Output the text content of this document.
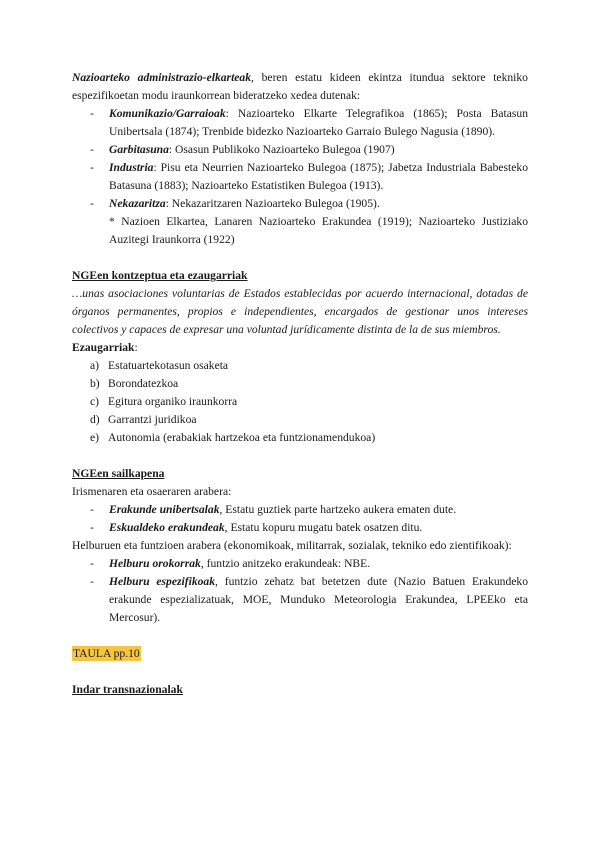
Nazioarteko administrazio-elkarteak, beren estatu kideen ekintza itundua sektore tekniko espezifikoetan modu iraunkorrean bideratzeko xedea dutenak:

- Komunikazio/Garraioak: Nazioarteko Elkarte Telegrafikoa (1865); Posta Batasun Unibertsala (1874); Trenbide bidezko Nazioarteko Garraio Bulego Nagusia (1890).
- Garbitasuna: Osasun Publikoko Nazioarteko Bulegoa (1907)
- Industria: Pisu eta Neurrien Nazioarteko Bulegoa (1875); Jabetza Industriala Babesteko Batasuna (1883); Nazioarteko Estatistiken Bulegoa (1913).
- Nekazaritza: Nekazaritzaren Nazioarteko Bulegoa (1905).

* Nazioen Elkartea, Lanaren Nazioarteko Erakundea (1919); Nazioarteko Justiziako Auzitegi Iraunkorra (1922)

NGEen kontzeptua eta ezaugarriak

…unas asociaciones voluntarias de Estados establecidas por acuerdo internacional, dotadas de órganos permanentes, propios e independientes, encargados de gestionar unos intereses colectivos y capaces de expresar una voluntad jurídicamente distinta de la de sus miembros.

Ezaugarriak:

a) Estatuartekotasun osaketa
b) Borondatezkoa
c) Egitura organiko iraunkorra
d) Garrantzi juridikoa
e) Autonomia (erabakiak hartzekoa eta funtzionamendukoa)

NGEen sailkapena

Irismenaren eta osaeraren arabera:

- Erakunde unibertsalak, Estatu guztiek parte hartzeko aukera ematen dute.
- Eskualdeko erakundeak, Estatu kopuru mugatu batek osatzen ditu.

Helburuen eta funtzioen arabera (ekonomikoak, militarrak, sozialak, tekniko edo zientifikoak):

- Helburu orokorrak, funtzio anitzeko erakundeak: NBE.
- Helburu espezifikoak, funtzio zehatz bat betetzen dute (Nazio Batuen Erakundeko erakunde espezializatuak, MOE, Munduko Meteorologia Erakundea, LPEEko eta Mercosur).

TAULA pp.10

Indar transnazionalak
